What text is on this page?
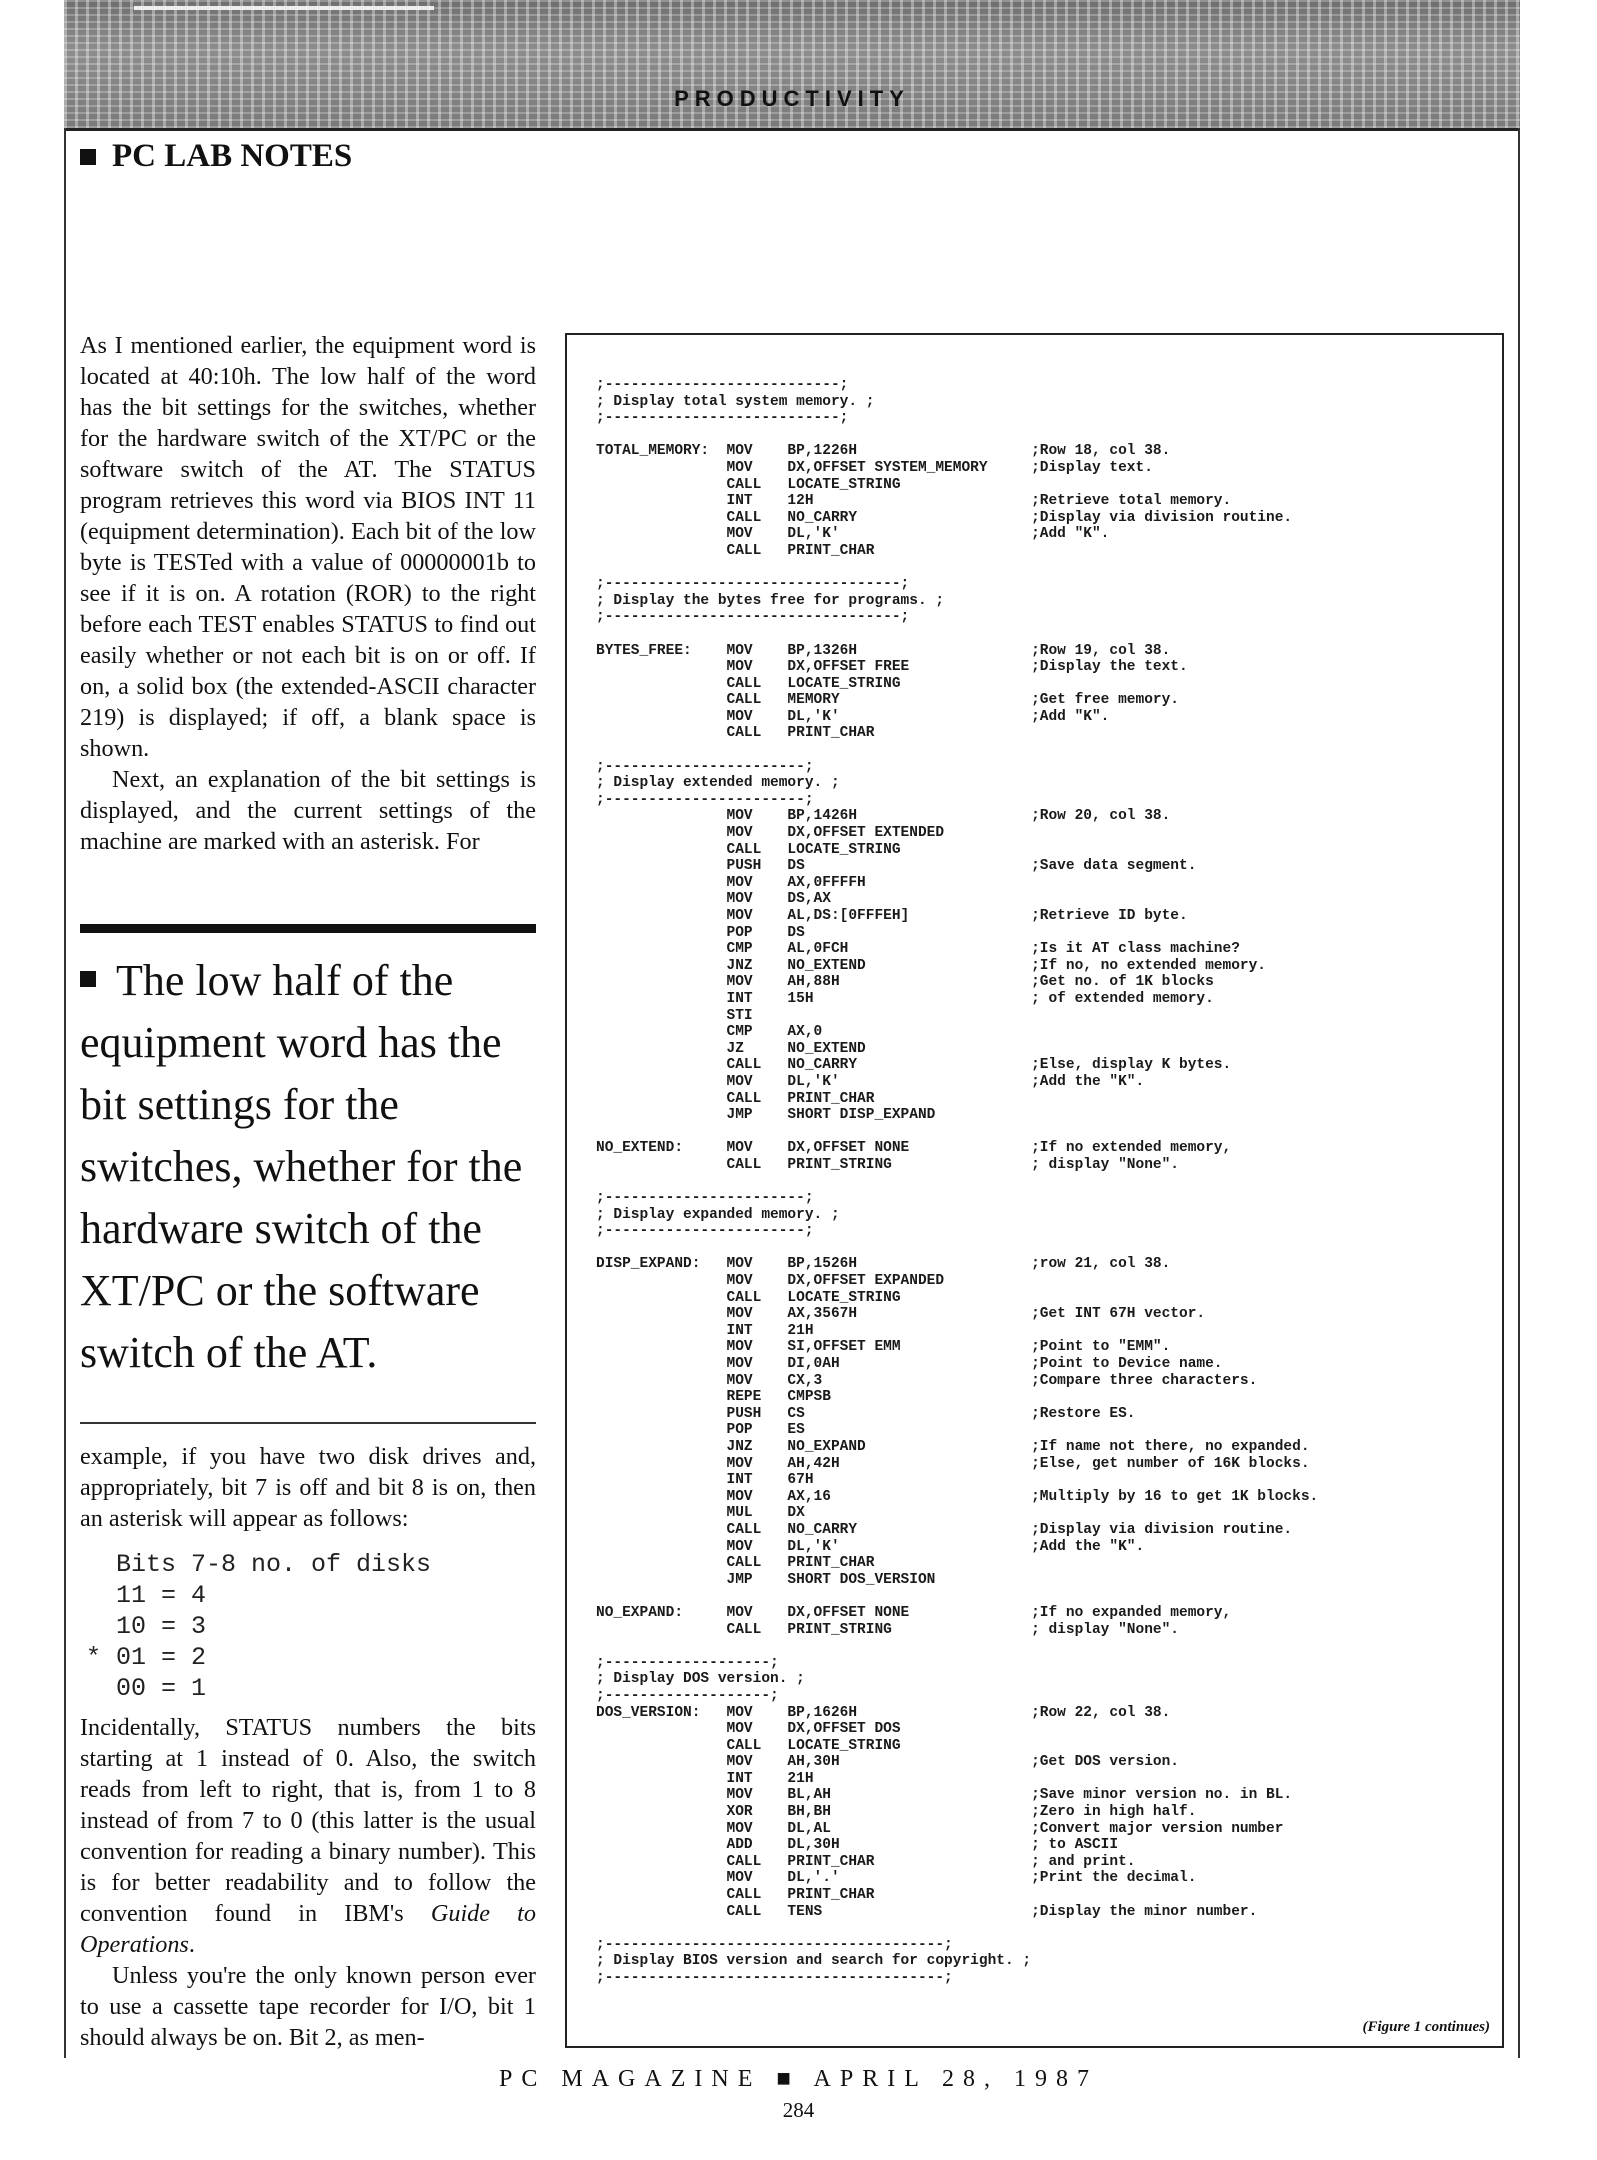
PRODUCTIVITY
PC LAB NOTES

As I mentioned earlier, the equipment word is located at 40:10h. The low half of the word has the bit settings for the switches, whether for the hardware switch of the XT/PC or the software switch of the AT. The STATUS program retrieves this word via BIOS INT 11 (equipment determination). Each bit of the low byte is TESTed with a value of 00000001b to see if it is on. A rotation (ROR) to the right before each TEST enables STATUS to find out easily whether or not each bit is on or off. If on, a solid box (the extended-ASCII character 219) is displayed; if off, a blank space is shown.

Next, an explanation of the bit settings is displayed, and the current settings of the machine are marked with an asterisk. For

The low half of the equipment word has the bit settings for the switches, whether for the hardware switch of the XT/PC or the software switch of the AT.

example, if you have two disk drives and, appropriately, bit 7 is off and bit 8 is on, then an asterisk will appear as follows:

Bits 7-8 no. of disks
11 = 4
10 = 3
* 01 = 2
00 = 1

Incidentally, STATUS numbers the bits starting at 1 instead of 0. Also, the switch reads from left to right, that is, from 1 to 8 instead of from 7 to 0 (this latter is the usual convention for reading a binary number). This is for better readability and to follow the convention found in IBM's Guide to Operations.

Unless you're the only known person ever to use a cassette tape recorder for I/O, bit 1 should always be on. Bit 2, as men-

;---------------------------;
; Display total system memory. ;
;---------------------------;
TOTAL_MEMORY:  MOV    BP,1226H                    ;Row 18, col 38.
MOV    DX,OFFSET SYSTEM_MEMORY     ;Display text.
CALL   LOCATE_STRING
INT    12H                         ;Retrieve total memory.
CALL   NO_CARRY                    ;Display via division routine.
MOV    DL,'K'                      ;Add "K".
CALL   PRINT_CHAR
;----------------------------------;
; Display the bytes free for programs. ;
;----------------------------------;
BYTES_FREE:    MOV    BP,1326H                    ;Row 19, col 38.
MOV    DX,OFFSET FREE              ;Display the text.
CALL   LOCATE_STRING
CALL   MEMORY                      ;Get free memory.
MOV    DL,'K'                      ;Add "K".
CALL   PRINT_CHAR
;-----------------------;
; Display extended memory. ;
;-----------------------;
MOV    BP,1426H                    ;Row 20, col 38.
MOV    DX,OFFSET EXTENDED
CALL   LOCATE_STRING
PUSH   DS                          ;Save data segment.
MOV    AX,0FFFFH
MOV    DS,AX
MOV    AL,DS:[0FFFEH]              ;Retrieve ID byte.
POP    DS
CMP    AL,0FCH                     ;Is it AT class machine?
JNZ    NO_EXTEND                   ;If no, no extended memory.
MOV    AH,88H                      ;Get no. of 1K blocks
INT    15H                         ; of extended memory.
STI
CMP    AX,0
JZ     NO_EXTEND
CALL   NO_CARRY                    ;Else, display K bytes.
MOV    DL,'K'                      ;Add the "K".
CALL   PRINT_CHAR
JMP    SHORT DISP_EXPAND
NO_EXTEND:     MOV    DX,OFFSET NONE              ;If no extended memory,
CALL   PRINT_STRING                ; display "None".
;-----------------------;
; Display expanded memory. ;
;-----------------------;
DISP_EXPAND:   MOV    BP,1526H                    ;row 21, col 38.
MOV    DX,OFFSET EXPANDED
CALL   LOCATE_STRING
MOV    AX,3567H                    ;Get INT 67H vector.
INT    21H
MOV    SI,OFFSET EMM               ;Point to "EMM".
MOV    DI,0AH                      ;Point to Device name.
MOV    CX,3                        ;Compare three characters.
REPE   CMPSB
PUSH   CS                          ;Restore ES.
POP    ES
JNZ    NO_EXPAND                   ;If name not there, no expanded.
MOV    AH,42H                      ;Else, get number of 16K blocks.
INT    67H
MOV    AX,16                       ;Multiply by 16 to get 1K blocks.
MUL    DX
CALL   NO_CARRY                    ;Display via division routine.
MOV    DL,'K'                      ;Add the "K".
CALL   PRINT_CHAR
JMP    SHORT DOS_VERSION
NO_EXPAND:     MOV    DX,OFFSET NONE              ;If no expanded memory,
CALL   PRINT_STRING                ; display "None".
;-------------------;
; Display DOS version. ;
;-------------------;
DOS_VERSION:   MOV    BP,1626H                    ;Row 22, col 38.
MOV    DX,OFFSET DOS
CALL   LOCATE_STRING
MOV    AH,30H                      ;Get DOS version.
INT    21H
MOV    BL,AH                       ;Save minor version no. in BL.
XOR    BH,BH                       ;Zero in high half.
MOV    DL,AL                       ;Convert major version number
ADD    DL,30H                      ; to ASCII
CALL   PRINT_CHAR                  ; and print.
MOV    DL,'.'                      ;Print the decimal.
CALL   PRINT_CHAR
CALL   TENS                        ;Display the minor number.
;---------------------------------------;
; Display BIOS version and search for copyright. ;
;---------------------------------------;
(Figure 1 continues)
PC MAGAZINE ■ APRIL 28, 1987
284
